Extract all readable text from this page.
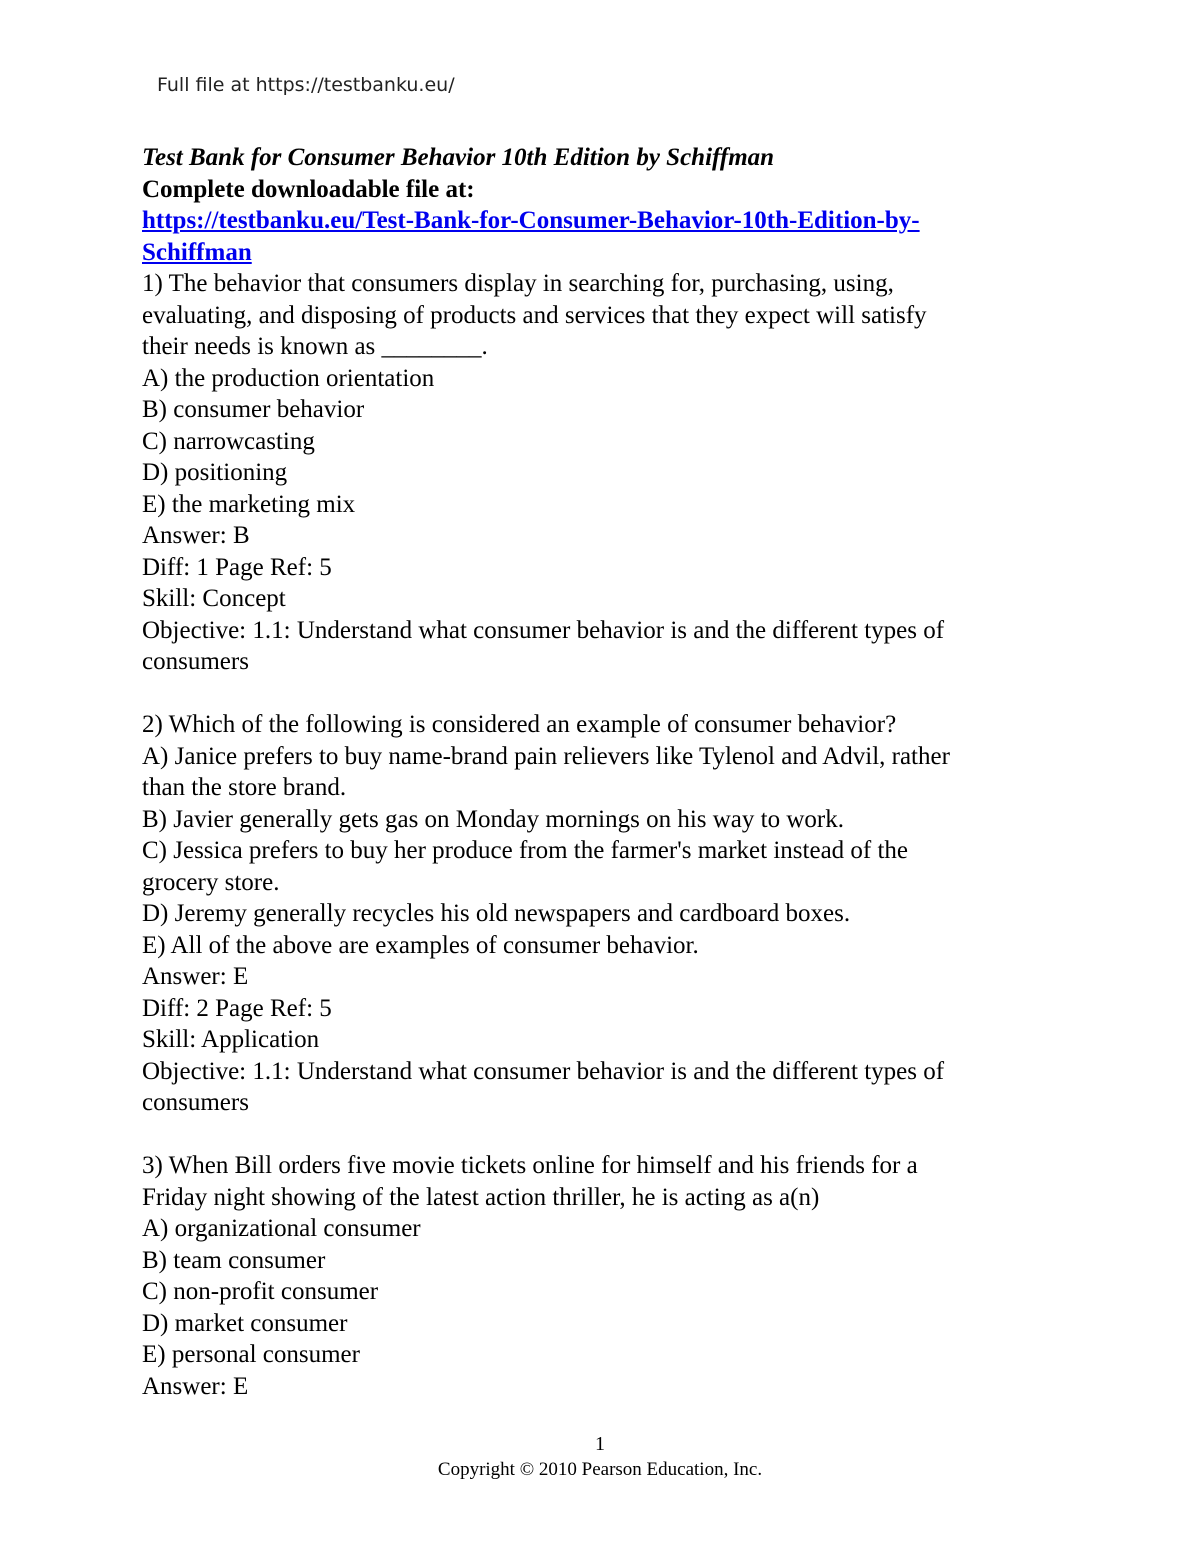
Full file at https://testbanku.eu/
Test Bank for Consumer Behavior 10th Edition by Schiffman
Complete downloadable file at:
https://testbanku.eu/Test-Bank-for-Consumer-Behavior-10th-Edition-by-
Schiffman
1) The behavior that consumers display in searching for, purchasing, using,
evaluating, and disposing of products and services that they expect will satisfy
their needs is known as ________.
A) the production orientation
B) consumer behavior
C) narrowcasting
D) positioning
E) the marketing mix
Answer: B
Diff: 1 Page Ref: 5
Skill: Concept
Objective: 1.1: Understand what consumer behavior is and the different types of
consumers
2) Which of the following is considered an example of consumer behavior?
A) Janice prefers to buy name-brand pain relievers like Tylenol and Advil, rather
than the store brand.
B) Javier generally gets gas on Monday mornings on his way to work.
C) Jessica prefers to buy her produce from the farmer's market instead of the
grocery store.
D) Jeremy generally recycles his old newspapers and cardboard boxes.
E) All of the above are examples of consumer behavior.
Answer: E
Diff: 2 Page Ref: 5
Skill: Application
Objective: 1.1: Understand what consumer behavior is and the different types of
consumers
3) When Bill orders five movie tickets online for himself and his friends for a
Friday night showing of the latest action thriller, he is acting as a(n)
A) organizational consumer
B) team consumer
C) non-profit consumer
D) market consumer
E) personal consumer
Answer: E
1
Copyright © 2010 Pearson Education, Inc.
